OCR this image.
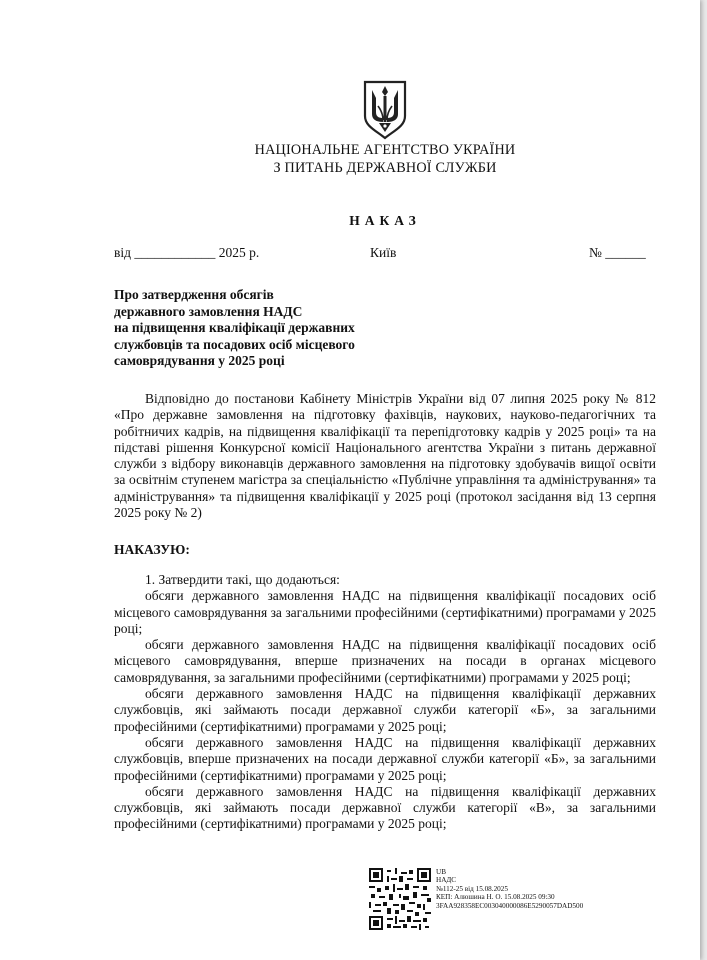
НАЦІОНАЛЬНЕ АГЕНТСТВО УКРАЇНИ
З ПИТАНЬ ДЕРЖАВНОЇ СЛУЖБИ
НАКАЗ
від ____________ 2025 р.	Київ	№ ______
Про затвердження обсягів
державного замовлення НАДС
на підвищення кваліфікації державних
службовців та посадових осіб місцевого
самоврядування у 2025 році
Відповідно до постанови Кабінету Міністрів України від 07 липня 2025 року № 812 «Про державне замовлення на підготовку фахівців, наукових, науково-педагогічних та робітничих кадрів, на підвищення кваліфікації та перепідготовку кадрів у 2025 році» та на підставі рішення Конкурсної комісії Національного агентства України з питань державної служби з відбору виконавців державного замовлення на підготовку здобувачів вищої освіти за освітнім ступенем магістра за спеціальністю «Публічне управління та адміністрування» та адміністрування» та підвищення кваліфікації у 2025 році (протокол засідання від 13 серпня 2025 року № 2)
НАКАЗУЮ:

1. Затвердити такі, що додаються:

обсяги державного замовлення НАДС на підвищення кваліфікації посадових осіб місцевого самоврядування за загальними професійними (сертифікатними) програмами у 2025 році;

обсяги державного замовлення НАДС на підвищення кваліфікації посадових осіб місцевого самоврядування, вперше призначених на посади в органах місцевого самоврядування, за загальними професійними (сертифікатними) програмами у 2025 році;

обсяги державного замовлення НАДС на підвищення кваліфікації державних службовців, які займають посади державної служби категорії «Б», за загальними професійними (сертифікатними) програмами у 2025 році;

обсяги державного замовлення НАДС на підвищення кваліфікації державних службовців, вперше призначених на посади державної служби категорії «Б», за загальними професійними (сертифікатними) програмами у 2025 році;

обсяги державного замовлення НАДС на підвищення кваліфікації державних службовців, які займають посади державної служби категорії «В», за загальними професійними (сертифікатними) програмами у 2025 році;

UB
НАДС
№112-25 від 15.08.2025
КЕП: Алюшина Н. О. 15.08.2025 09:30
3FAA928358EC003040000086E5290057DAD500
